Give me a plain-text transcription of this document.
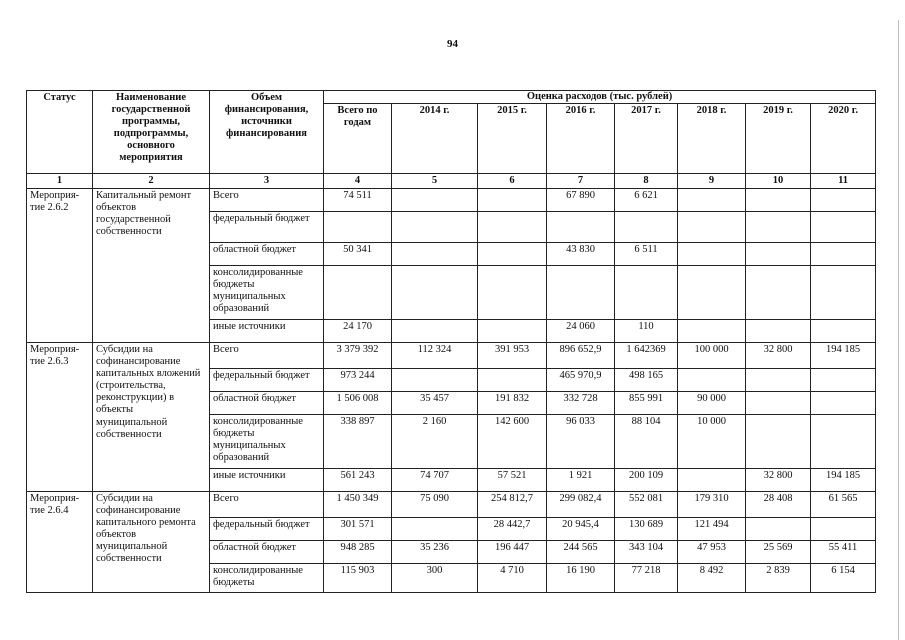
94
Статус	Наименование государственной программы, подпрограммы, основного мероприятия	Объем финансирования, источники финансирования	Оценка расходов (тыс. рублей)							
			Всего по годам	2014 г.	2015 г.	2016 г.	2017 г.	2018 г.	2019 г.	2020 г.
1	2	3	4	5	6	7	8	9	10	11
Мероприя-тие 2.6.2	Капитальный ремонт объектов государственной собственности	Всего	74 511			67 890	6 621			
		федеральный бюджет								
		областной бюджет	50 341			43 830	6 511			
		консолидированные бюджеты муниципальных образований								
		иные источники	24 170			24 060	110			
Мероприя-тие 2.6.3	Субсидии на софинансирование капитальных вложений (строительства, реконструкции) в объекты муниципальной собственности	Всего	3 379 392	112 324	391 953	896 652,9	1 642369	100 000	32 800	194 185
		федеральный бюджет	973 244			465 970,9	498 165			
		областной бюджет	1 506 008	35 457	191 832	332 728	855 991	90 000		
		консолидированные бюджеты муниципальных образований	338 897	2 160	142 600	96 033	88 104	10 000		
		иные источники	561 243	74 707	57 521	1 921	200 109		32 800	194 185
Мероприя-тие 2.6.4	Субсидии на софинансирование капитального ремонта объектов муниципальной собственности	Всего	1 450 349	75 090	254 812,7	299 082,4	552 081	179 310	28 408	61 565
		федеральный бюджет	301 571		28 442,7	20 945,4	130 689	121 494		
		областной бюджет	948 285	35 236	196 447	244 565	343 104	47 953	25 569	55 411
		консолидированные бюджеты	115 903	300	4 710	16 190	77 218	8 492	2 839	6 154
